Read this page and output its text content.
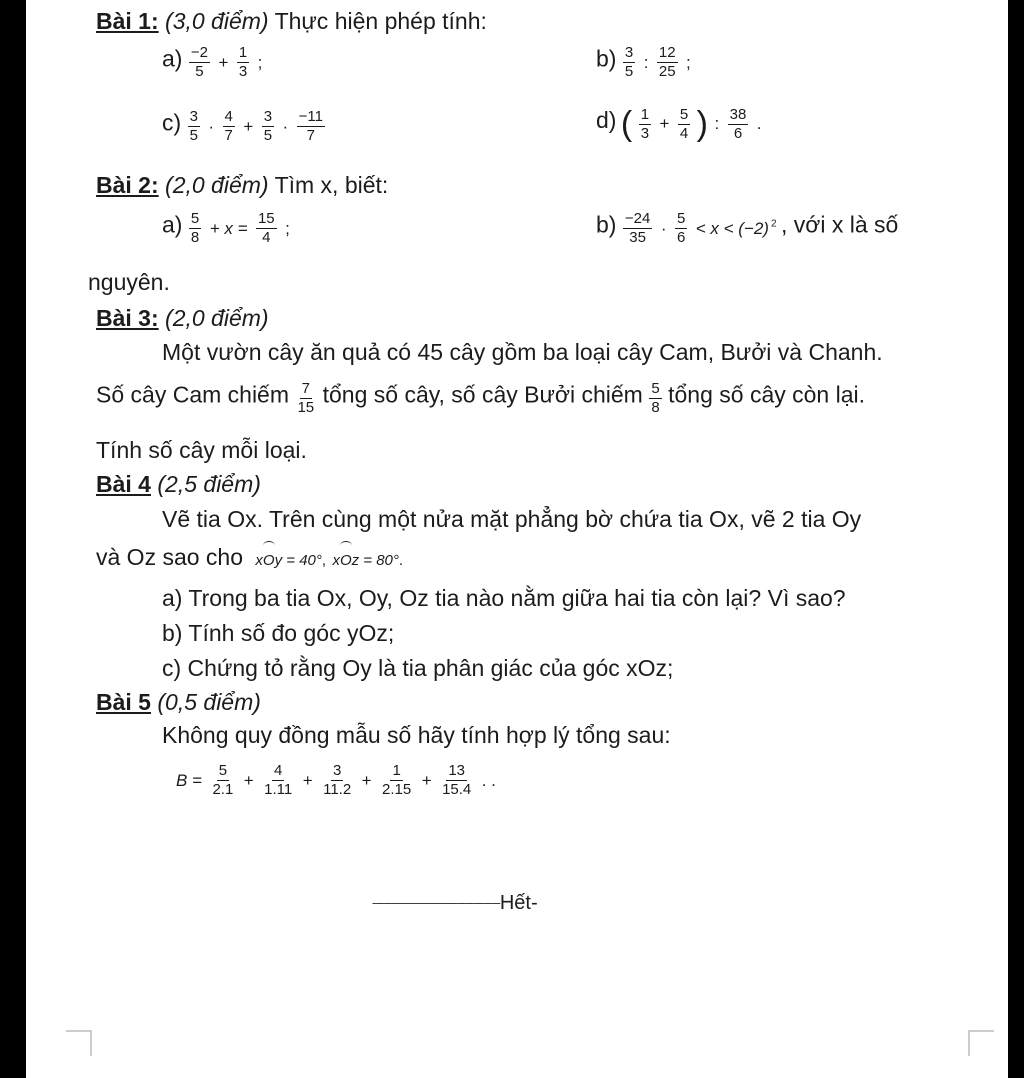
Bài 1: (3,0 điểm) Thực hiện phép tính:
$a) \frac{-2}{5} + \frac{1}{3}$ ;	$b) \frac{3}{5}$ : $\frac{12}{25}$ ;
$c) \frac{3}{5} \cdot \frac{4}{7} + \frac{3}{5} \cdot \frac{-11}{7}$	d) ( $\frac{1}{3} + \frac{5}{4}$ ) : $\frac{38}{6}$ .
Bài 2: (2,0 điểm) Tìm x, biết:
$a) \frac{5}{8} + x = \frac{15}{4}$ ;	$b) \frac{-24}{35} \cdot \frac{5}{6} < x < (-2)$ $^2$ , với x là số
nguyên.
Bài 3: (2,0 điểm)
Một vườn cây ăn quả có 45 cây gồm ba loại cây Cam, Bưởi và Chanh.
Số cây Cam chiếm $\frac{7}{15}$ tổng số cây, số cây Bưởi chiếm $\frac{5}{8}$ tổng số cây còn lại.
Tính số cây mỗi loại.
Bài 4 (2,5 điểm)
Vẽ tia Ox. Trên cùng một nửa mặt phẳng bờ chứa tia Ox, vẽ 2 tia Oy
và Oz sao cho xOy = 40°, xOz = 80°.
a) Trong ba tia Ox, Oy, Oz tia nào nằm giữa hai tia còn lại? Vì sao?
b) Tính số đo góc yOz;
c) Chứng tỏ rằng Oy là tia phân giác của góc xOz;
Bài 5 (0,5 điểm)
Không quy đồng mẫu số hãy tính hợp lý tổng sau:
$B = \frac{5}{2.1} + \frac{4}{1.11} + \frac{3}{11.2} + \frac{1}{2.15} + \frac{13}{15.4}$ . .
------------------------------------------------Hết-
